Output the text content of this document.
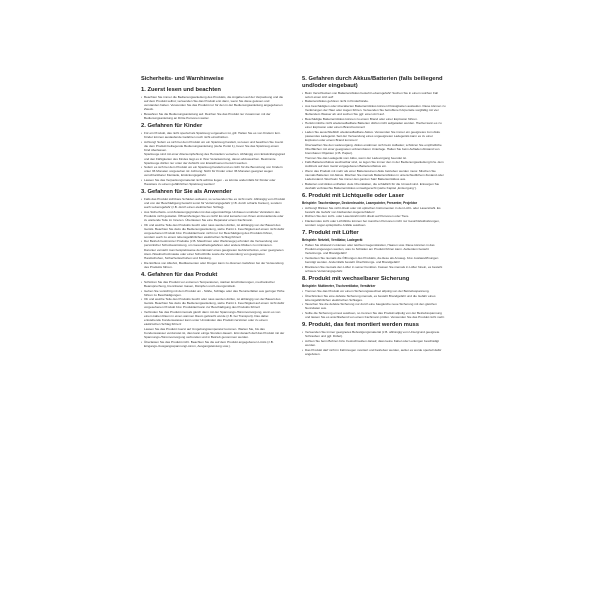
Sicherheits- und Warnhinweise
1. Zuerst lesen und beachten
• Beachten Sie immer die Bedienungsanleitung des Produkts, die Angaben auf der Verpackung und die auf dem Produkt selbst; verwenden Sie das Produkt erst dann, wenn Sie diese gelesen und verstanden haben. Verwenden Sie das Produkt nur für den in der Bedienungsanleitung angegebenen Zweck.
• Bewahren Sie die Bedienungsanleitung auf. Reichen Sie das Produkt nur zusammen mit der Bedienungsanleitung an Dritte Personen weiter.
2. Gefahren für Kinder
• Für ein Produkt, das nicht speziell als Spielzeug vorgesehen ist, gilt: Halten Sie es von Kindern fern. Kinder können auslaufende Gefahren noch nicht einschätzen.
• Achtung! Sofern es sich bei dem Produkt um ein Spielzeug handelt, so lesen und beachten Sie zuerst die dem Produkt beiliegende Bedienungsanleitung (siehe Punkt 1), bevor Sie das Spielzeug einem Kind überlassen.
Spielzeuge sind mit einer Altersempfehlung des Herstellers versehen. Abhängig vom Entwicklungsgrad und den Fähigkeiten des Kindes liegt es in Ihrer Verantwortung, davon abzuweichen. Bestimmte Spielzeuge dürfen nur unter der Aufsicht von Erwachsenen benutzt werden.
• Sofern es sich bei dem Produkt um ein Spielzeug handelt und es nicht für die Benutzung von Kindern unter 36 Monaten vorgesehen ist: Achtung: Nicht für Kinder unter 36 Monaten geeignet wegen verschluckbarer Kleinteile, Erstickungsgefahr.
• Lassen Sie das Verpackungsmaterial nicht achtlos liegen - es könnte andernfalls für Kinder oder Haustiere zu einem gefährlichen Spielzeug werden!
3. Gefahren für Sie als Anwender
• Falls das Produkt sichtbare Schäden aufweist, so verwenden Sie es nicht mehr. Abhängig vom Produkt und von der Beschädigung besteht sonst für Verletzungsgefahr (z.B. durch scharfe Kanten), sondern auch Lebensgefahr (z.B. durch einen elektrischen Schlag).
• Aus Sicherheits- und Zulassungsgründen ist das eigenmächtige Umbauen und/oder Verändern des Produkts nicht gestattet. Öffnen/Zerlegen Sie es nicht! Es sind keinerlei von Ihnen einzustellende oder zu wartende Teile im Inneren. Überlassen Sie eine Reparatur einem Fachmann.
• Ob und welche Teile des Produkts feucht oder nass werden dürfen, ist abhängig von der Bauart des Geräts. Beachten Sie dazu die Bedienungsanleitung, siehe Punkt 1. Feuchtigkeit auf einem nicht dafür vorgesehenen Produkt bzw. Produktteil kann nicht nur zur Beschädigung des Produkts führen, sondern auch zu einem lebensgefährlichen elektrischen Schlag führen!
• Der Betrieb bestimmter Produkte (z.B. Maschinen oder Werkzeuge) erfordert die Verwendung von persönlicher Schutzausrüstung, um Gesundheitsgefahren oder andere Risiken zu minimieren.
Darunter versteht man beispielsweise den Einsatz eines geeigneten Gehörschutzes, einer geeigneten Atem-/Staubschutzmaske oder einer Schutzbrille sowie die Verwendung von geeigneten Handschuhen, Sicherheitsschuhen und Kleidung.
• Die Einfluss von Alkohol, Medikamenten oder Drogen kann zu diversen Gefahren bei der Verwendung des Produkts führen.
4. Gefahren für das Produkt
• Schützen Sie das Produkt vor extremen Temperaturen, starken Erschütterungen, mechanischer Beanspruchung, brennbaren Gasen, Dämpfen und Lösungsmitteln.
• Gehen Sie vorsichtig mit dem Produkt um - Stöße, Schläge oder das Herunterfallen aus geringer Höhe führen zu Beschädigungen.
• Ob und welche Teile des Produkts feucht oder nass werden dürfen, ist abhängig von der Bauart des Geräts. Beachten Sie dazu die Bedienungsanleitung, siehe Punkt 1. Feuchtigkeit auf einem nicht dafür vorgesehenen Produkt bzw. Produktteil kann zur Beschädigung des Produkts führen!
• Verbinden Sie das Produkt niemals gleich dann mit der Spannungs-/Stromversorgung, wenn es von einem kalten Raum in einen warmen Raum gebracht wurde (z.B. bei Transport). Das dabei entstehende Kondenswasser kann unter Umständen das Produkt zerstören oder zu einem elektrischen Schlag führen!
Lassen Sie das Produkt zuerst auf Umgebungstemperatur kommen. Warten Sie, bis das Kondenswasser verdunstet ist, dies kann einige Stunden dauern. Erst danach darf das Produkt mit der Spannungs-/Stromversorgung verbunden und in Betrieb genommen werden.
• Überlasten Sie das Produkt nicht. Beachten Sie die auf dem Produkt angegebenen Limits (z.B. Eingangs-/Ausgangsspannung/-strom, Ausgangsleistung usw.).
5. Gefahren durch Akkus/Batterien (falls beiliegend und/oder eingebaut)
• Beim Verschlucken von Batterien/Akkus besteht Lebensgefahr! Suchen Sie in einem solchen Fall sofort einen Arzt auf!
• Batterien/Akkus gehören nicht in Kinderhände.
• Aus beschädigten oder überalterten Batterien/Akkus können Flüssigkeiten auslaufen. Diese können zu Verätzungen der Haut oder Augen führen. Verwenden Sie betroffene Körperteile sorgfältig mit viel fließendem Wasser ab und suchen Sie ggf. einen Arzt auf.
• Beschädigte Batterien/Akkus können zu einem Brand oder einer Explosion führen.
• Herkömmliche nicht wiederaufladbare Batterien dürfen nicht aufgeladen werden. Hierbei kann es zu einer Explosion oder einem Brand kommen!
• Laden Sie ausschließlich wiederaufladbare Akkus. Verwenden Sie immer ein geeignetes zum Akku passendes Ladegerät. Seit der Verwendung eines ungeeigneten Ladegeräts kann es zu einer Explosion oder einem Brand kommen!
Überwachen Sie den Ladevorgang. Akkus erwärmen sich beim Aufladen; schützen Sie empfindliche Oberflächen mit einer geeigneten unbrennbaren Unterlage. Halten Sie beim Aufladen Abstand von brennbaren Objekten (z.B. Papier).
Trennen Sie das Ladegerät vom Akku, wenn der Ladevorgang beendet ist.
• Falls Batterien/Akkus wechselbar sind, so legen Sie immer den in der Bedienungsanleitung bzw. dem Aufdruck auf dem Gerät vorgegebenen Batterien/Akkus ein.
• Wenn das Produkt mit mehr als einer Batterie/einem Akku betrieben werden muss: Mischen Sie niemals Batterien mit Akkus. Mischen Sie niemals Batterien/Akkus in unterschiedlichem Zustand oder Ladezustand. Wechseln Sie immer den ganzen Satz Batterien/Akkus aus.
• Batterien und Akkus enthalten viele Chemikalien, die schädlich für die Umwelt sind. Entsorgen Sie deshalb verbrauchte Batterien/Akkus umweltgerecht (siehe Kapitel „Entsorgung“).
6. Produkt mit Lichtquelle oder Laser
Beispiele: Taschenlampe, Deckenleuchte, Laserpointer, Presenter, Projektor
• Achtung! Blicken Sie nicht direkt oder mit optischen Instrumenten in den Licht- oder Laserstrahl. Es besteht die Gefahr von bleibenden Augenschäden!
• Richten Sie den Licht- oder Laserstrahl nicht direkt auf Personen oder Tiere.
• Flackerndes Licht oder Lichtblitze können bei manchen Personen nicht nur Gesichtsfeldstörungen, sondern sogar epileptische Anfälle auslösen.
7. Produkt mit Lüfter
Beispiele: Netzteil, Ventilator, Ladegerät
• Halten Sie Abstand zu kleinen oder leichten Gegenständen, Haaren usw. Diese könnten in das Produkt eingesogen werden, was zu Schäden am Produkt führen kann. Außerdem besteht Verletzungs- und Brandgefahr!
• Verdecken Sie niemals die Öffnungen des Produkts, da diese als Ansaug- bzw. Auslassöffnungen benötigt werden. Andernfalls besteht Überhitzungs- und Brandgefahr!
• Blockieren Sie niemals den Lüfter in seiner Funktion. Fassen Sie niemals in Lüfter hinein, es besteht schwere Verletzungsgefahr.
8. Produkt mit wechselbarer Sicherung
Beispiele: Multimeter, Tischventilator, Verstärker
• Trennen Sie das Produkt vor einem Sicherungswechsel allpolig von der Betriebsspannung.
• Überbrücken Sie eine defekte Sicherung niemals, es besteht Brandgefahr und die Gefahr eines lebensgefährlichen elektrischen Schlages.
• Tauschen Sie die defekte Sicherung nur durch eine baugleiche neue Sicherung mit den gleichen Nenndaten aus.
• Sollte die Sicherung erneut auslösen, so trennen Sie das Produkt allpolig von der Betriebsspannung und lassen Sie es anschließend von einem Fachmann prüfen. Verwenden Sie das Produkt nicht mehr.
9. Produkt, das fest montiert werden muss
• Verwenden Sie immer geeignetes Befestigungsmaterial (z.B. abhängig vom Untergrund geeignete Schrauben und ggf. Dübel).
• Achten Sie beim Bohren bzw. Festschrauben darauf, dass keine Kabel oder Leitungen beschädigt werden.
• Das Produkt darf nicht in Fahrzeugen montiert und betrieben werden, außer es wurde speziell dafür angeboten.
